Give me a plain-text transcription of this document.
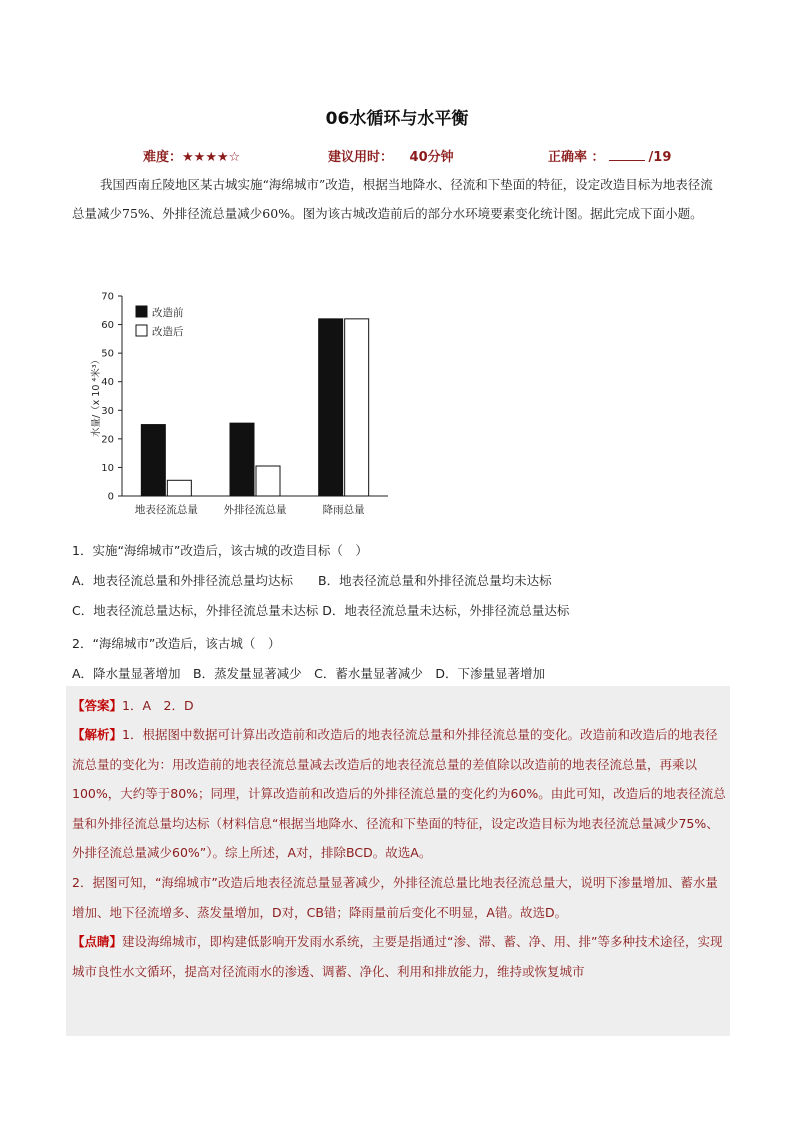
06水循环与水平衡
难度：★★★★☆	建议用时： 40分钟	正确率 ：	/19

我国西南丘陵地区某古城实施“海绵城市”改造，根据当地降水、径流和下垫面的特征，设定改造目标为地表径流总量减少75%、外排径流总量减少60%。图为该古城改造前后的部分水环境要素变化统计图。据此完成下面小题。

0
10
20
30
40
50
60
70
水量/（x 10 ⁴米³）
地表径流总量 外排径流总量	降雨总量
改造前
改造后
1．实施“海绵城市”改造后，该古城的改造目标（　）
A．地表径流总量和外排径流总量均达标　　B．地表径流总量和外排径流总量均未达标
C．地表径流总量达标，外排径流总量未达标 D．地表径流总量未达标，外排径流总量达标
2．“海绵城市”改造后，该古城（　）
A．降水量显著增加　B．蒸发量显著减少　C．蓄水量显著减少　D．下渗量显著增加
【答案】1．A　2．D

【解析】1．根据图中数据可计算出改造前和改造后的地表径流总量和外排径流总量的变化。改造前和改造后的地表径流总量的变化为：用改造前的地表径流总量减去改造后的地表径流总量的差值除以改造前的地表径流总量，再乘以100%，大约等于80%；同理，计算改造前和改造后的外排径流总量的变化约为60%。由此可知，改造后的地表径流总量和外排径流总量均达标（材料信息“根据当地降水、径流和下垫面的特征，设定改造目标为地表径流总量减少75%、外排径流总量减少60%”）。综上所述，A对，排除BCD。故选A。

2．据图可知，“海绵城市”改造后地表径流总量显著减少，外排径流总量比地表径流总量大，说明下渗量增加、蓄水量增加、地下径流增多、蒸发量增加，D对，CB错；降雨量前后变化不明显，A错。故选D。

【点睛】建设海绵城市，即构建低影响开发雨水系统，主要是指通过“渗、滞、蓄、净、用、排”等多种技术途径，实现城市良性水文循环，提高对径流雨水的渗透、调蓄、净化、利用和排放能力，维持或恢复城市
